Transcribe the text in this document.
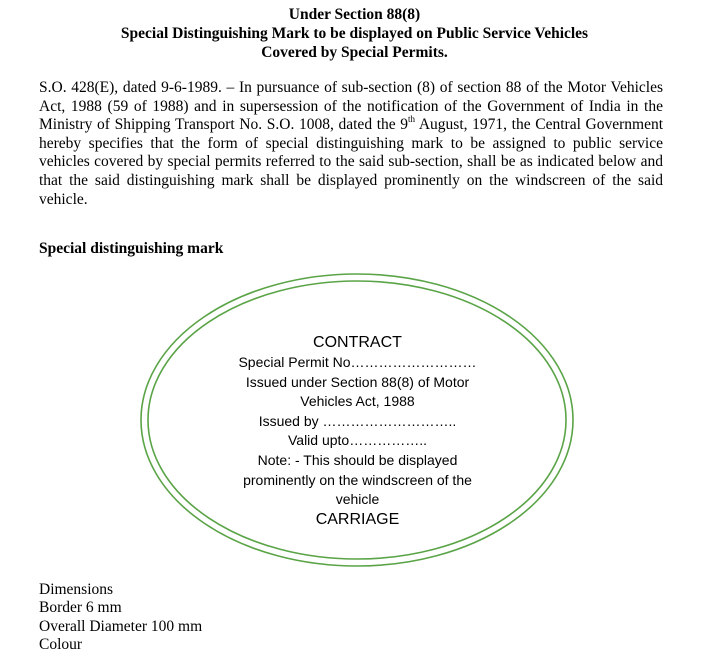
Under Section 88(8)
Special Distinguishing Mark to be displayed on Public Service Vehicles
Covered by Special Permits.

S.O. 428(E), dated 9-6-1989. – In pursuance of sub-section (8) of section 88 of the Motor Vehicles Act, 1988 (59 of 1988) and in supersession of the notification of the Government of India in the Ministry of Shipping Transport No. S.O. 1008, dated the 9th August, 1971, the Central Government hereby specifies that the form of special distinguishing mark to be assigned to public service vehicles covered by special permits referred to the said sub-section, shall be as indicated below and that the said distinguishing mark shall be displayed prominently on the windscreen of the said vehicle.

Special distinguishing mark
CONTRACT
Special Permit No………………………
Issued under Section 88(8) of Motor
Vehicles Act, 1988
Issued by ………………………..
Valid upto……………..
Note: - This should be displayed
prominently on the windscreen of the
vehicle
CARRIAGE
Dimensions
Border 6 mm
Overall Diameter 100 mm
Colour
